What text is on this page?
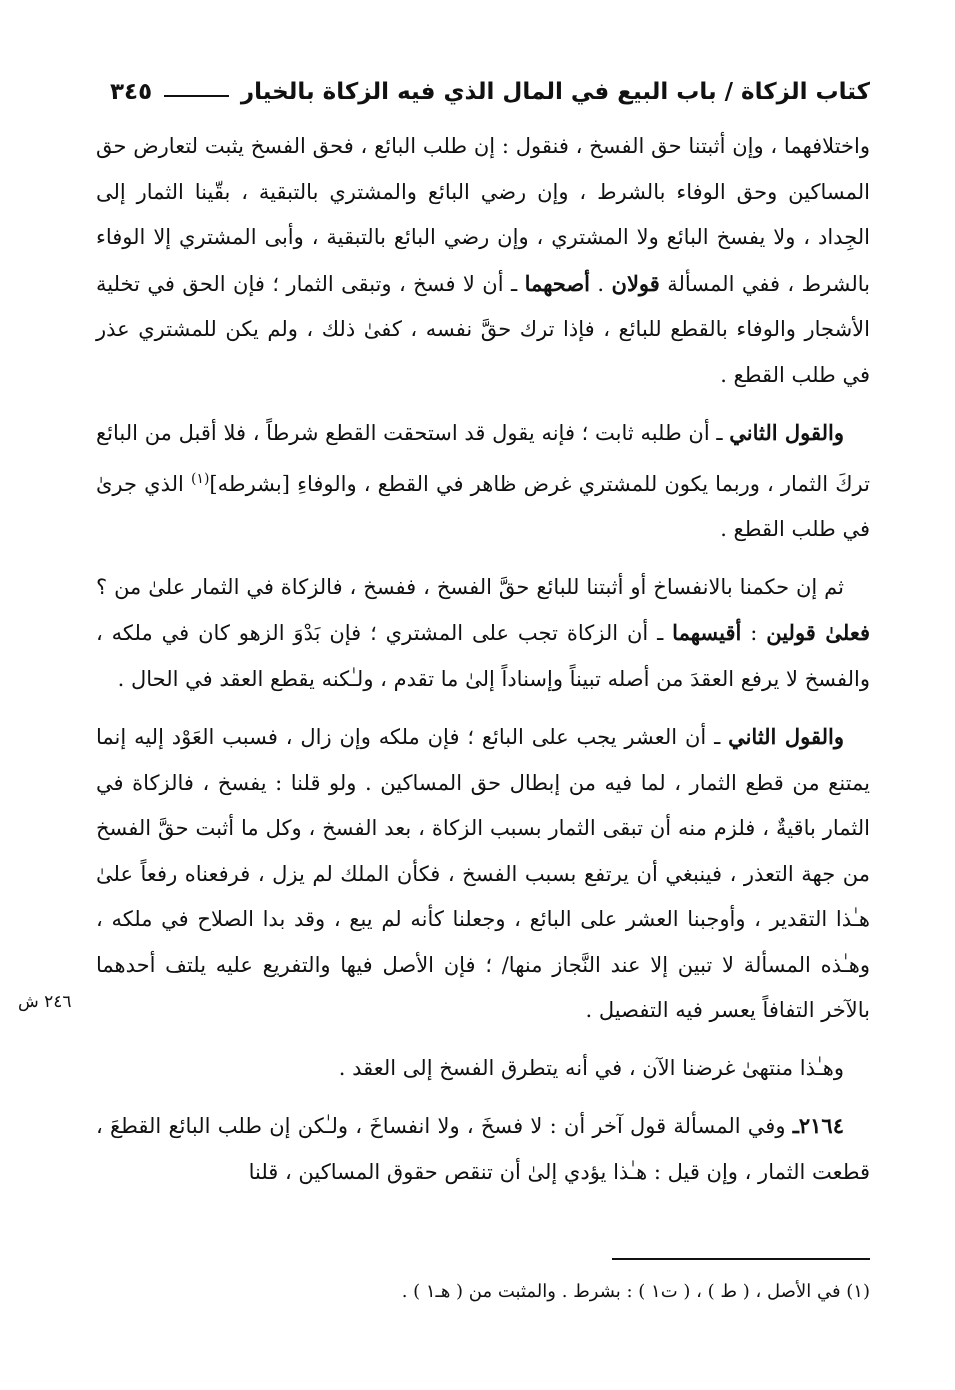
كتاب الزكاة / باب البيع في المال الذي فيه الزكاة بالخيار
٣٤٥

واختلافهما ، وإن أثبتنا حق الفسخ ، فنقول : إن طلب البائع ، فحق الفسخ يثبت لتعارض حق المساكين وحق الوفاء بالشرط ، وإن رضي البائع والمشتري بالتبقية ، بقّينا الثمار إلى الجِداد ، ولا يفسخ البائع ولا المشتري ، وإن رضي البائع بالتبقية ، وأبى المشتري إلا الوفاء بالشرط ، ففي المسألة قولان . أصحهما ـ أن لا فسخ ، وتبقى الثمار ؛ فإن الحق في تخلية الأشجار والوفاء بالقطع للبائع ، فإذا ترك حقَّ نفسه ، كفىٰ ذلك ، ولم يكن للمشتري عذر في طلب القطع .

والقول الثاني ـ أن طلبه ثابت ؛ فإنه يقول قد استحقت القطع شرطاً ، فلا أقبل من البائع تركَ الثمار ، وربما يكون للمشتري غرض ظاهر في القطع ، والوفاءِ [بشرطه]$^{(١)}$ الذي جرىٰ في طلب القطع .

ثم إن حكمنا بالانفساخ أو أثبتنا للبائع حقَّ الفسخ ، ففسخ ، فالزكاة في الثمار علىٰ من ؟ فعلىٰ قولين : أقيسهما ـ أن الزكاة تجب على المشتري ؛ فإن بَدْوَ الزهو كان في ملكه ، والفسخ لا يرفع العقدَ من أصله تبيناً وإسناداً إلىٰ ما تقدم ، ولـٰكنه يقطع العقد في الحال .

والقول الثاني ـ أن العشر يجب على البائع ؛ فإن ملكه وإن زال ، فسبب العَوْد إليه إنما يمتنع من قطع الثمار ، لما فيه من إبطال حق المساكين . ولو قلنا : يفسخ ، فالزكاة في الثمار باقيةٌ ، فلزم منه أن تبقى الثمار بسبب الزكاة ، بعد الفسخ ، وكل ما أثبت حقَّ الفسخ من جهة التعذر ، فينبغي أن يرتفع بسبب الفسخ ، فكأن الملك لم يزل ، فرفعناه رفعاً علىٰ هـٰذا التقدير ، وأوجبنا العشر على البائع ، وجعلنا كأنه لم يبع ، وقد بدا الصلاح في ملكه ، وهـٰذه المسألة لا تبين إلا عند النَّجاز منها/ ؛ فإن الأصل فيها والتفريع عليه يلتف أحدهما بالآخر التفافاً يعسر فيه التفصيل .

وهـٰذا منتهىٰ غرضنا الآن ، في أنه يتطرق الفسخ إلى العقد .

٢١٦٤ـ وفي المسألة قول آخر أن : لا فسخَ ، ولا انفساخَ ، ولـٰكن إن طلب البائع القطعَ ، قطعت الثمار ، وإن قيل : هـٰذا يؤدي إلىٰ أن تنقص حقوق المساكين ، قلنا

٢٤٦ ش
(١) في الأصل ، ( ط ) ، ( ت١ ) : بشرط . والمثبت من ( هـ١ ) .
